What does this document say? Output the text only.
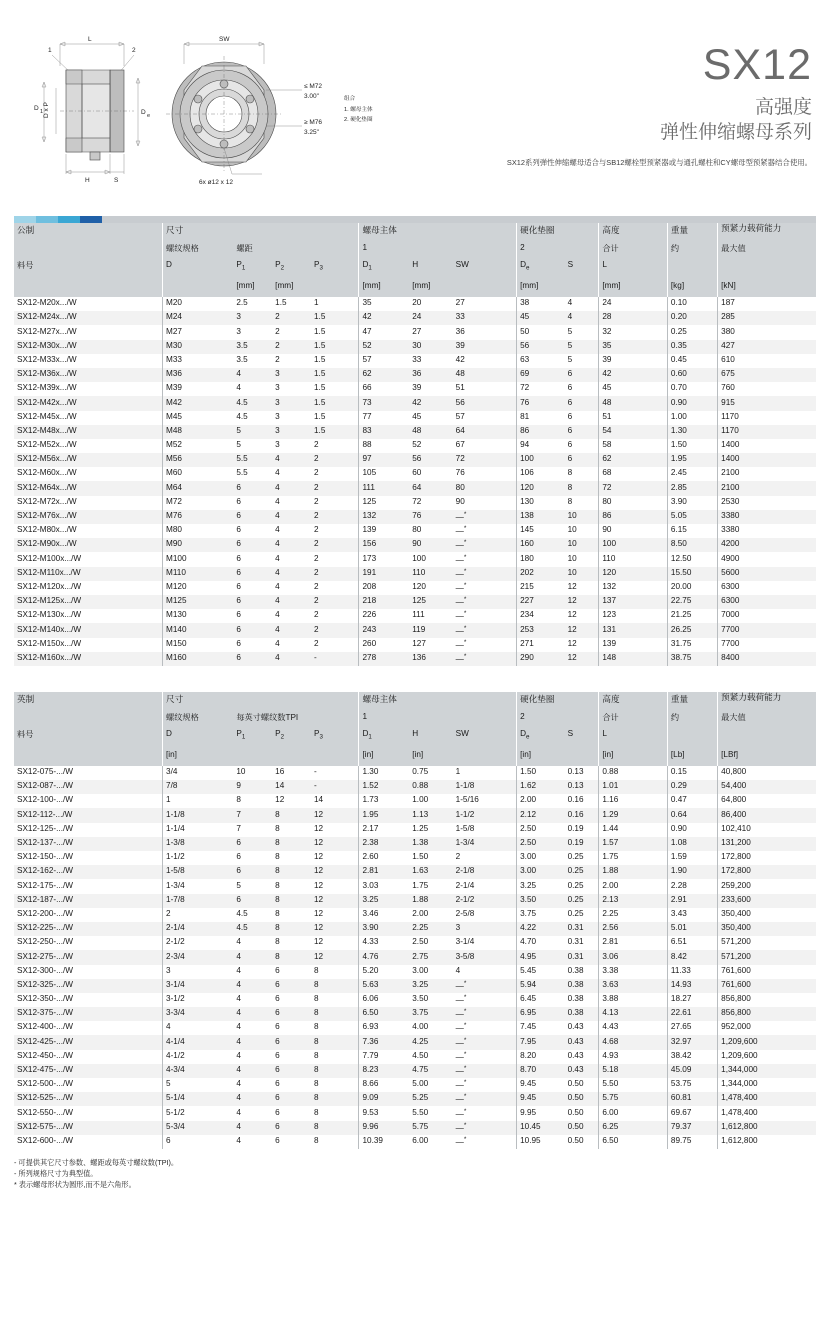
L
1	2
D 1 D x P	D e
H	S
SW
6x ø12 x 12
≤ M72
3.00"
≥ M76
3.25"
组合
1. 螺母主体
2. 硬化垫圈
SX12
高强度
弹性伸缩螺母系列
SX12系列弹性伸缩螺母适合与SB12螺栓型预紧器或与通孔螺柱和CY螺母型预紧器结合使用。
公制	尺寸				螺母主体			硬化垫圈		高度	重量	预紧力载荷能力
	螺纹规格	螺距			1			2		合计	约	最大值
料号	D	$P_1$	$P_2$	$P_3$	$D_1$	H	SW	$D_e$	S	L		
		[mm]	[mm]		[mm]	[mm]		[mm]		[mm]	[kg]	[kN]
SX12-M20x.../W	M20	2.5	1.5	1	35	20	27	38	4	24	0.10	187
SX12-M24x.../W	M24	3	2	1.5	42	24	33	45	4	28	0.20	285
SX12-M27x.../W	M27	3	2	1.5	47	27	36	50	5	32	0.25	380
SX12-M30x.../W	M30	3.5	2	1.5	52	30	39	56	5	35	0.35	427
SX12-M33x.../W	M33	3.5	2	1.5	57	33	42	63	5	39	0.45	610
SX12-M36x.../W	M36	4	3	1.5	62	36	48	69	6	42	0.60	675
SX12-M39x.../W	M39	4	3	1.5	66	39	51	72	6	45	0.70	760
SX12-M42x.../W	M42	4.5	3	1.5	73	42	56	76	6	48	0.90	915
SX12-M45x.../W	M45	4.5	3	1.5	77	45	57	81	6	51	1.00	1170
SX12-M48x.../W	M48	5	3	1.5	83	48	64	86	6	54	1.30	1170
SX12-M52x.../W	M52	5	3	2	88	52	67	94	6	58	1.50	1400
SX12-M56x.../W	M56	5.5	4	2	97	56	72	100	6	62	1.95	1400
SX12-M60x.../W	M60	5.5	4	2	105	60	76	106	8	68	2.45	2100
SX12-M64x.../W	M64	6	4	2	111	64	80	120	8	72	2.85	2100
SX12-M72x.../W	M72	6	4	2	125	72	90	130	8	80	3.90	2530
SX12-M76x.../W	M76	6	4	2	132	76	—*	138	10	86	5.05	3380
SX12-M80x.../W	M80	6	4	2	139	80	—*	145	10	90	6.15	3380
SX12-M90x.../W	M90	6	4	2	156	90	—*	160	10	100	8.50	4200
SX12-M100x.../W	M100	6	4	2	173	100	—*	180	10	110	12.50	4900
SX12-M110x.../W	M110	6	4	2	191	110	—*	202	10	120	15.50	5600
SX12-M120x.../W	M120	6	4	2	208	120	—*	215	12	132	20.00	6300
SX12-M125x.../W	M125	6	4	2	218	125	—*	227	12	137	22.75	6300
SX12-M130x.../W	M130	6	4	2	226	111	—*	234	12	123	21.25	7000
SX12-M140x.../W	M140	6	4	2	243	119	—*	253	12	131	26.25	7700
SX12-M150x.../W	M150	6	4	2	260	127	—*	271	12	139	31.75	7700
SX12-M160x.../W	M160	6	4	-	278	136	—*	290	12	148	38.75	8400
英制	尺寸				螺母主体			硬化垫圈		高度	重量	预紧力载荷能力
	螺纹规格	每英寸螺纹数TPI			1			2		合计	约	最大值
料号	D	$P_1$	$P_2$	$P_3$	$D_1$	H	SW	$D_e$	S	L		
	[in]				[in]	[in]		[in]		[in]	[Lb]	[LBf]
SX12-075-.../W	3/4	10	16	-	1.30	0.75	1	1.50	0.13	0.88	0.15	40,800
SX12-087-.../W	7/8	9	14	-	1.52	0.88	1-1/8	1.62	0.13	1.01	0.29	54,400
SX12-100-.../W	1	8	12	14	1.73	1.00	1-5/16	2.00	0.16	1.16	0.47	64,800
SX12-112-.../W	1-1/8	7	8	12	1.95	1.13	1-1/2	2.12	0.16	1.29	0.64	86,400
SX12-125-.../W	1-1/4	7	8	12	2.17	1.25	1-5/8	2.50	0.19	1.44	0.90	102,410
SX12-137-.../W	1-3/8	6	8	12	2.38	1.38	1-3/4	2.50	0.19	1.57	1.08	131,200
SX12-150-.../W	1-1/2	6	8	12	2.60	1.50	2	3.00	0.25	1.75	1.59	172,800
SX12-162-.../W	1-5/8	6	8	12	2.81	1.63	2-1/8	3.00	0.25	1.88	1.90	172,800
SX12-175-.../W	1-3/4	5	8	12	3.03	1.75	2-1/4	3.25	0.25	2.00	2.28	259,200
SX12-187-.../W	1-7/8	6	8	12	3.25	1.88	2-1/2	3.50	0.25	2.13	2.91	233,600
SX12-200-.../W	2	4.5	8	12	3.46	2.00	2-5/8	3.75	0.25	2.25	3.43	350,400
SX12-225-.../W	2-1/4	4.5	8	12	3.90	2.25	3	4.22	0.31	2.56	5.01	350,400
SX12-250-.../W	2-1/2	4	8	12	4.33	2.50	3-1/4	4.70	0.31	2.81	6.51	571,200
SX12-275-.../W	2-3/4	4	8	12	4.76	2.75	3-5/8	4.95	0.31	3.06	8.42	571,200
SX12-300-.../W	3	4	6	8	5.20	3.00	4	5.45	0.38	3.38	11.33	761,600
SX12-325-.../W	3-1/4	4	6	8	5.63	3.25	—*	5.94	0.38	3.63	14.93	761,600
SX12-350-.../W	3-1/2	4	6	8	6.06	3.50	—*	6.45	0.38	3.88	18.27	856,800
SX12-375-.../W	3-3/4	4	6	8	6.50	3.75	—*	6.95	0.38	4.13	22.61	856,800
SX12-400-.../W	4	4	6	8	6.93	4.00	—*	7.45	0.43	4.43	27.65	952,000
SX12-425-.../W	4-1/4	4	6	8	7.36	4.25	—*	7.95	0.43	4.68	32.97	1,209,600
SX12-450-.../W	4-1/2	4	6	8	7.79	4.50	—*	8.20	0.43	4.93	38.42	1,209,600
SX12-475-.../W	4-3/4	4	6	8	8.23	4.75	—*	8.70	0.43	5.18	45.09	1,344,000
SX12-500-.../W	5	4	6	8	8.66	5.00	—*	9.45	0.50	5.50	53.75	1,344,000
SX12-525-.../W	5-1/4	4	6	8	9.09	5.25	—*	9.45	0.50	5.75	60.81	1,478,400
SX12-550-.../W	5-1/2	4	6	8	9.53	5.50	—*	9.95	0.50	6.00	69.67	1,478,400
SX12-575-.../W	5-3/4	4	6	8	9.96	5.75	—*	10.45	0.50	6.25	79.37	1,612,800
SX12-600-.../W	6	4	6	8	10.39	6.00	—*	10.95	0.50	6.50	89.75	1,612,800
- 可提供其它尺寸参数、螺距或每英寸螺纹数(TPI)。
- 所列规格尺寸为典型值。
* 表示螺母形状为圆形,而不是六角形。
